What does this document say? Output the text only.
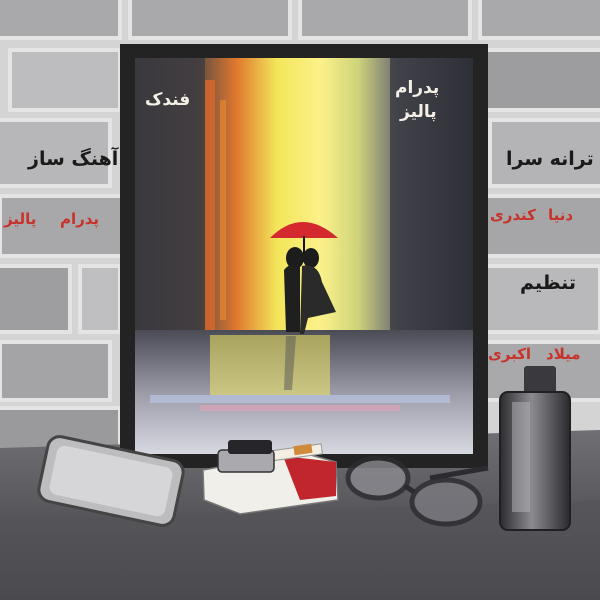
فندک
پدرام
پالیز
آهنگ ساز
پدرام
پالیز
ترانه سرا
دنیا
کندری
تنظیم
میلاد
اکبری
